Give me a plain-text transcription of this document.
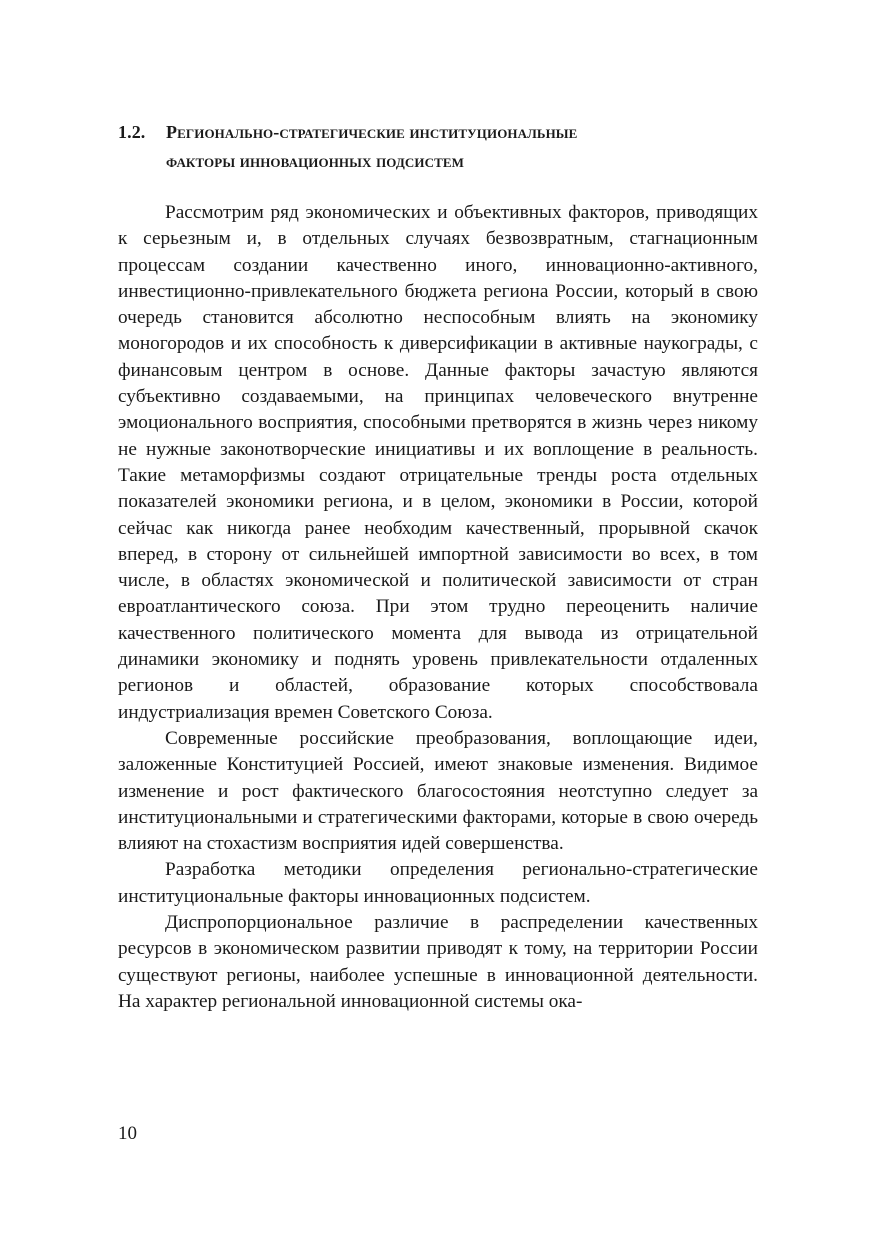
1.2.	Регионально-стратегические институциональные
факторы инновационных подсистем

Рассмотрим ряд экономических и объективных факторов, приводящих к серьезным и, в отдельных случаях безвозвратным, стагнационным процессам создании качественно иного, инновационно-активного, инвестиционно-привлекательного бюджета региона России, который в свою очередь становится абсолютно неспособным влиять на экономику моногородов и их способность к диверсификации в активные наукограды, с финансовым центром в основе. Данные факторы зачастую являются субъективно создаваемыми, на принципах человеческого внутренне эмоционального восприятия, способными претворятся в жизнь через никому не нужные законотворческие инициативы и их воплощение в реальность. Такие метаморфизмы создают отрицательные тренды роста отдельных показателей экономики региона, и в целом, экономики в России, которой сейчас как никогда ранее необходим качественный, прорывной скачок вперед, в сторону от сильнейшей импортной зависимости во всех, в том числе, в областях экономической и политической зависимости от стран евроатлантического союза. При этом трудно переоценить наличие качественного политического момента для вывода из отрицательной динамики экономику и поднять уровень привлекательности отдаленных регионов и областей, образование которых способствовала индустриализация времен Советского Союза.

Современные российские преобразования, воплощающие идеи, заложенные Конституцией Россией, имеют знаковые изменения. Видимое изменение и рост фактического благосостояния неотступно следует за институциональными и стратегическими факторами, которые в свою очередь влияют на стохастизм восприятия идей совершенства.

Разработка методики определения регионально-стратегические институциональные факторы инновационных подсистем.

Диспропорциональное различие в распределении качественных ресурсов в экономическом развитии приводят к тому, на территории России существуют регионы, наиболее успешные в инновационной деятельности. На характер региональной инновационной системы ока-

10
